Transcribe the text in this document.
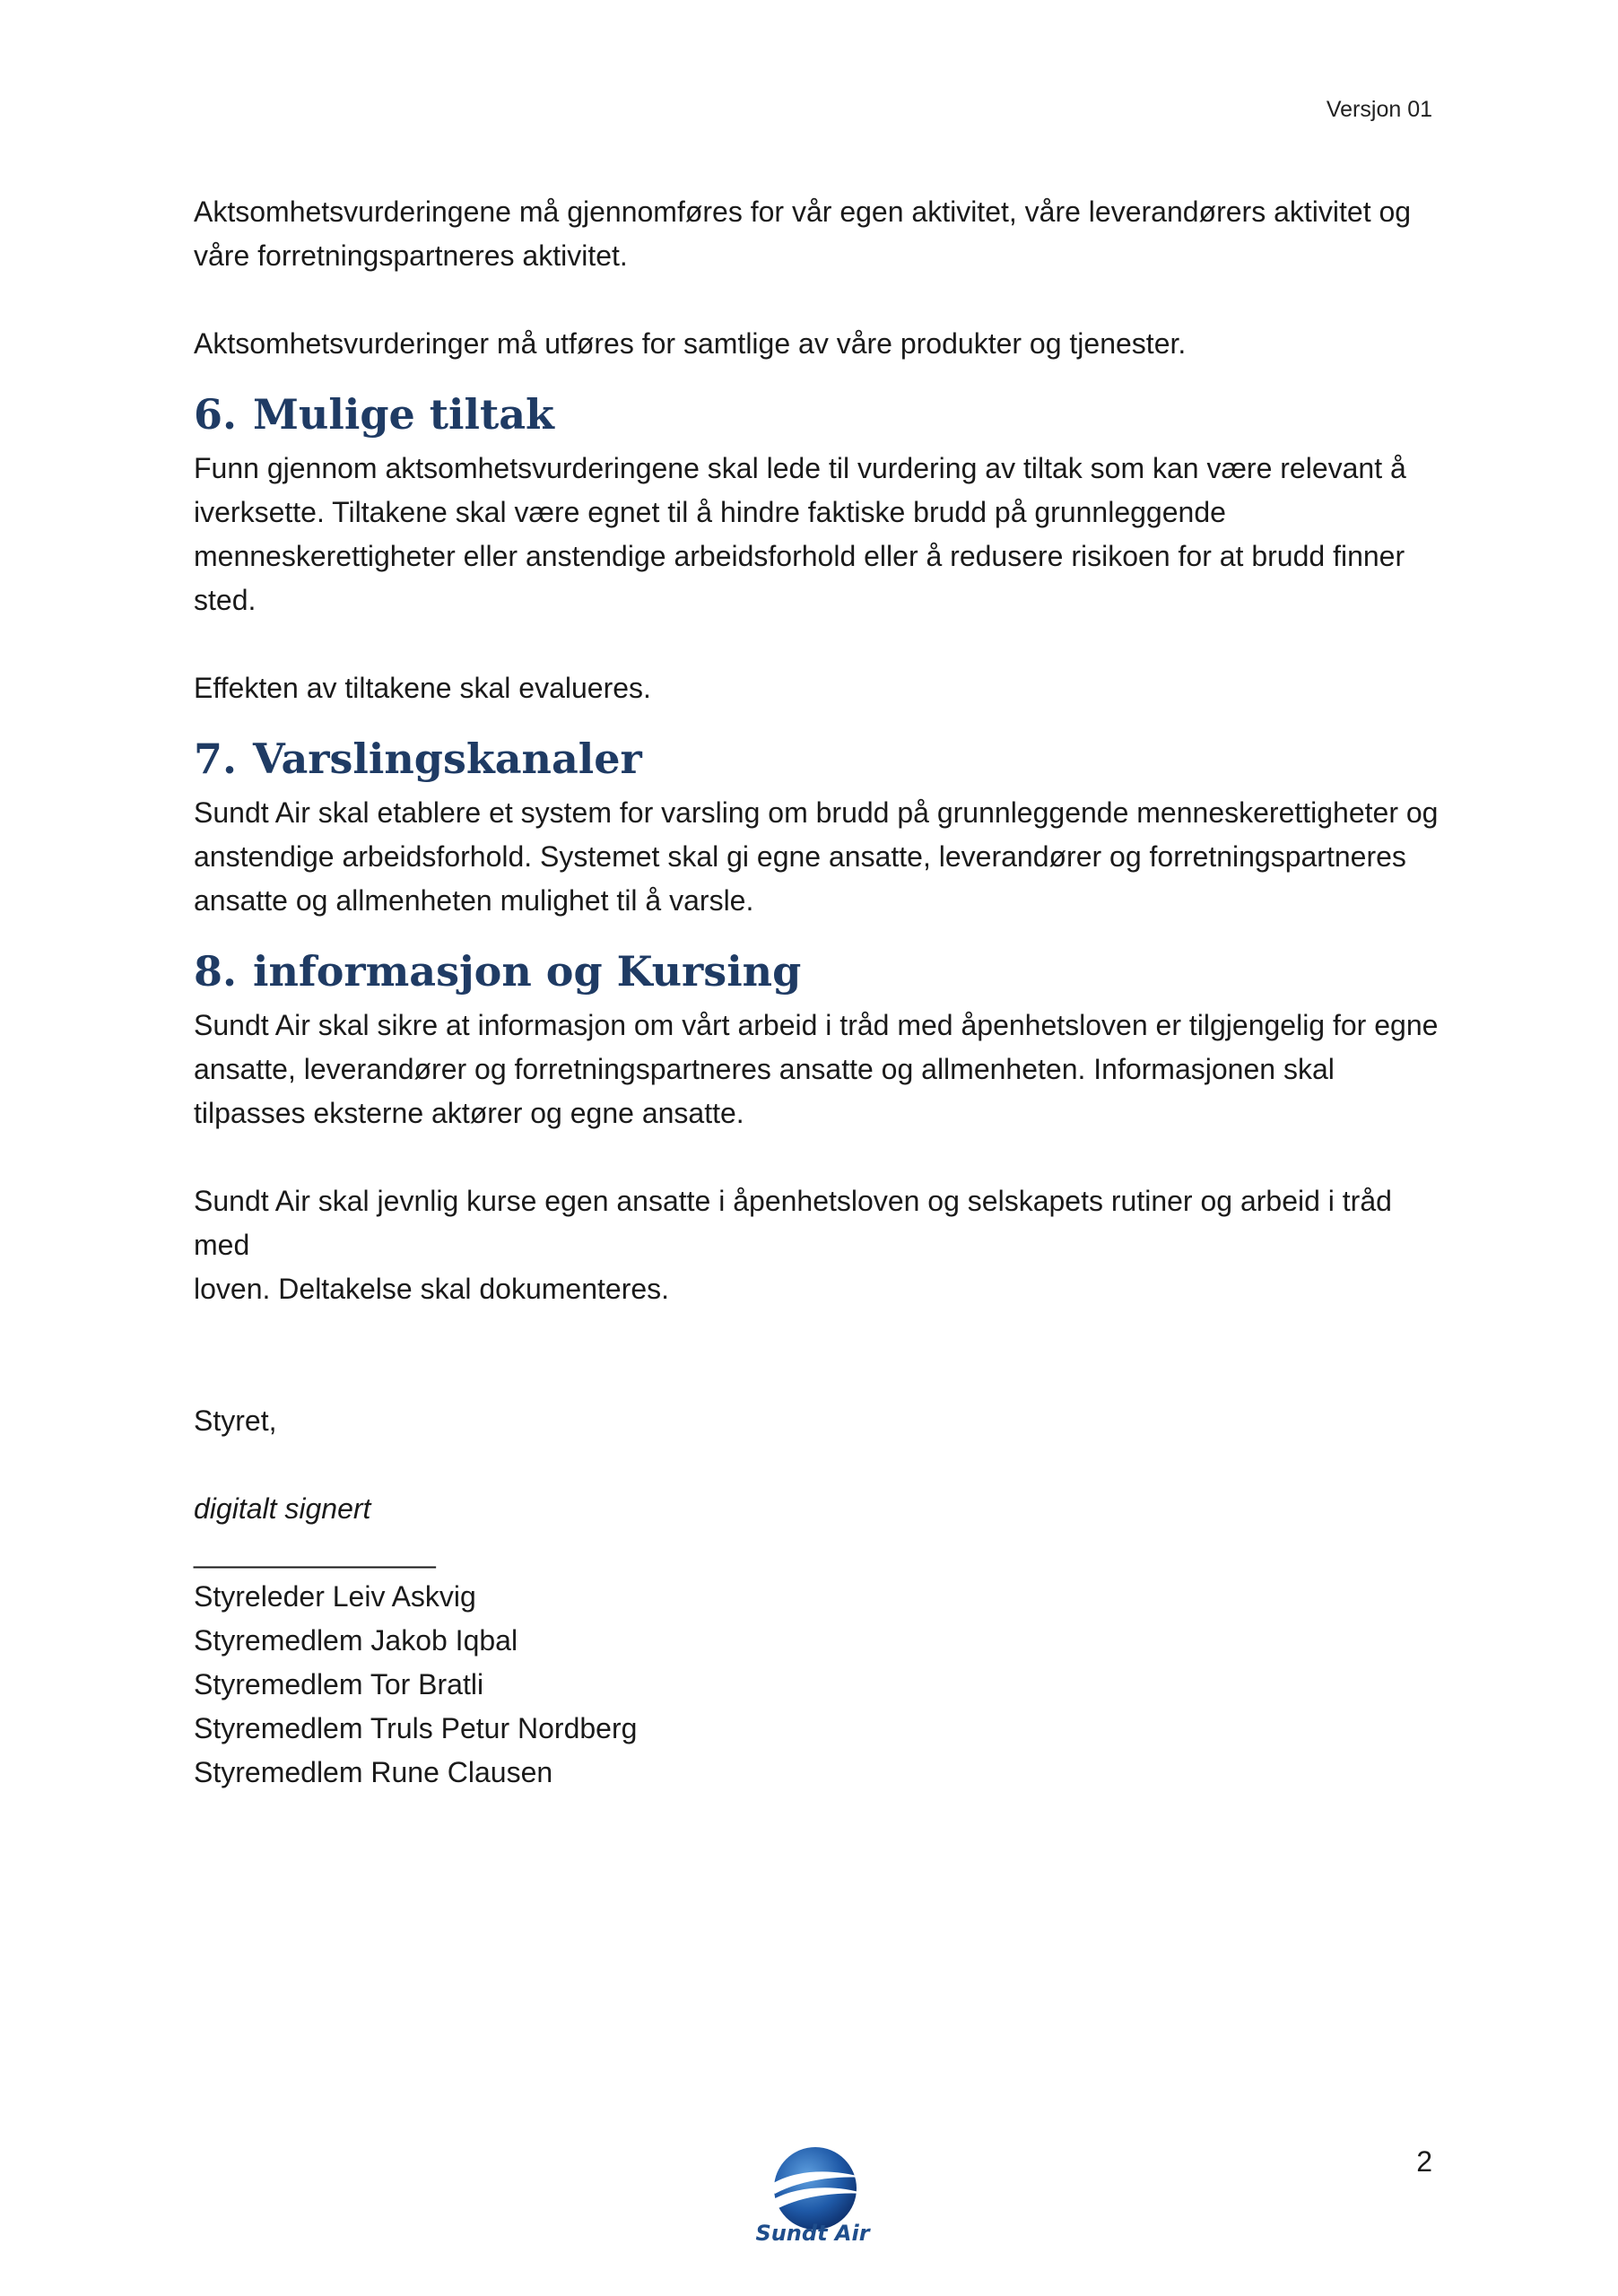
Versjon 01

Aktsomhetsvurderingene må gjennomføres for vår egen aktivitet, våre leverandørers aktivitet og
våre forretningspartneres aktivitet.

Aktsomhetsvurderinger må utføres for samtlige av våre produkter og tjenester.

6. Mulige tiltak

Funn gjennom aktsomhetsvurderingene skal lede til vurdering av tiltak som kan være relevant å
iverksette. Tiltakene skal være egnet til å hindre faktiske brudd på grunnleggende
menneskerettigheter eller anstendige arbeidsforhold eller å redusere risikoen for at brudd finner
sted.

Effekten av tiltakene skal evalueres.

7. Varslingskanaler

Sundt Air skal etablere et system for varsling om brudd på grunnleggende menneskerettigheter og
anstendige arbeidsforhold. Systemet skal gi egne ansatte, leverandører og forretningspartneres
ansatte og allmenheten mulighet til å varsle.

8. informasjon og Kursing

Sundt Air skal sikre at informasjon om vårt arbeid i tråd med åpenhetsloven er tilgjengelig for egne
ansatte, leverandører og forretningspartneres ansatte og allmenheten. Informasjonen skal
tilpasses eksterne aktører og egne ansatte.

Sundt Air skal jevnlig kurse egen ansatte i åpenhetsloven og selskapets rutiner og arbeid i tråd med
loven. Deltakelse skal dokumenteres.

Styret,
digitalt signert
________________
Styreleder Leiv Askvig
Styremedlem Jakob Iqbal
Styremedlem Tor Bratli
Styremedlem Truls Petur Nordberg
Styremedlem Rune Clausen
Sundt Air
2
